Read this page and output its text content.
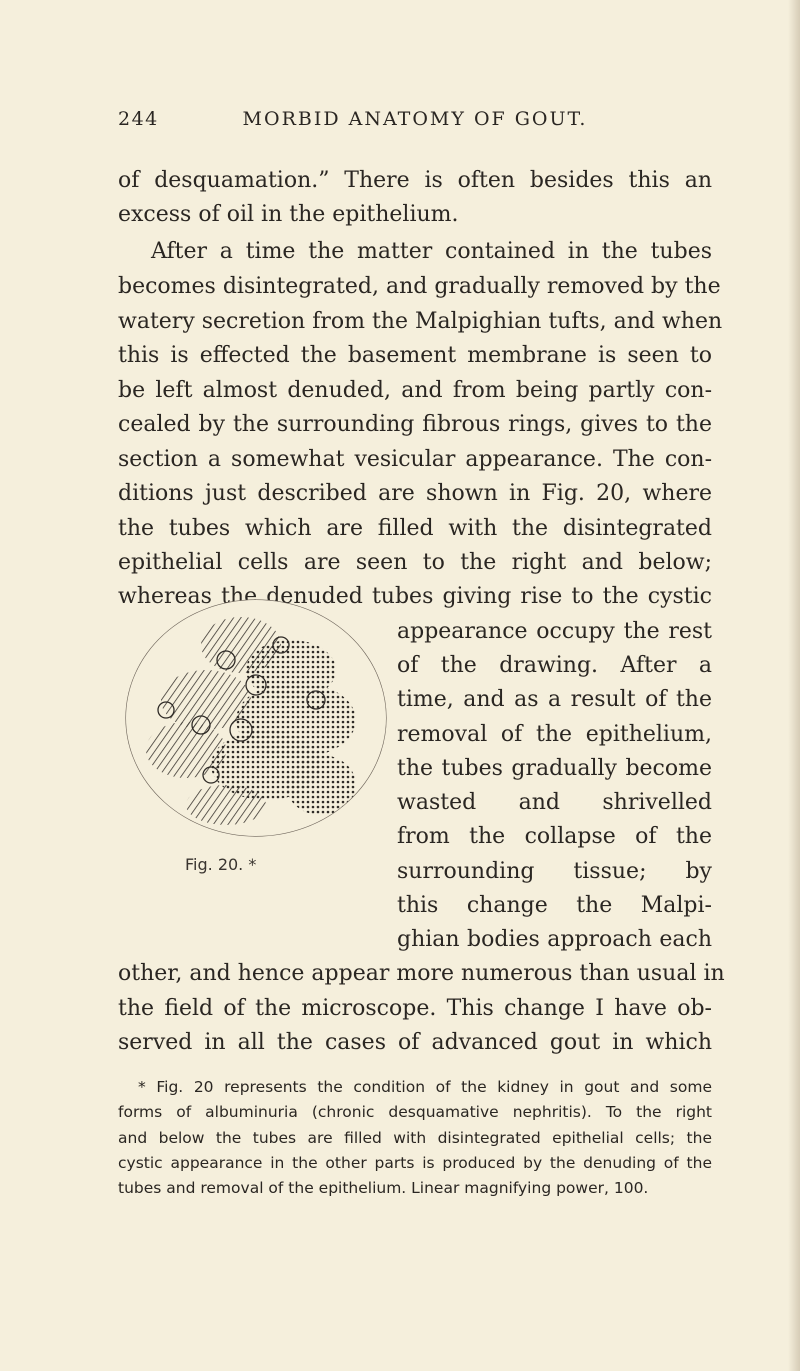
244	MORBID ANATOMY OF GOUT.
of desquamation.” There is often besides this an
excess of oil in the epithelium.
After a time the matter contained in the tubes
becomes disintegrated, and gradually removed by the
watery secretion from the Malpighian tufts, and when
this is effected the basement membrane is seen to
be left almost denuded, and from being partly con-
cealed by the surrounding fibrous rings, gives to the
section a somewhat vesicular appearance. The con-
ditions just described are shown in Fig. 20, where
the tubes which are filled with the disintegrated
epithelial cells are seen to the right and below;
whereas the denuded tubes giving rise to the cystic
appearance occupy the rest
of the drawing. After a
time, and as a result of the
removal of the epithelium,
the tubes gradually become
wasted and shrivelled
from the collapse of the
surrounding tissue; by
this change the Malpi-
ghian bodies approach each
other, and hence appear more numerous than usual in
the field of the microscope. This change I have ob-
served in all the cases of advanced gout in which
Fig. 20. *
* Fig. 20 represents the condition of the kidney in gout and some
forms of albuminuria (chronic desquamative nephritis). To the right
and below the tubes are filled with disintegrated epithelial cells; the
cystic appearance in the other parts is produced by the denuding of the
tubes and removal of the epithelium. Linear magnifying power, 100.
